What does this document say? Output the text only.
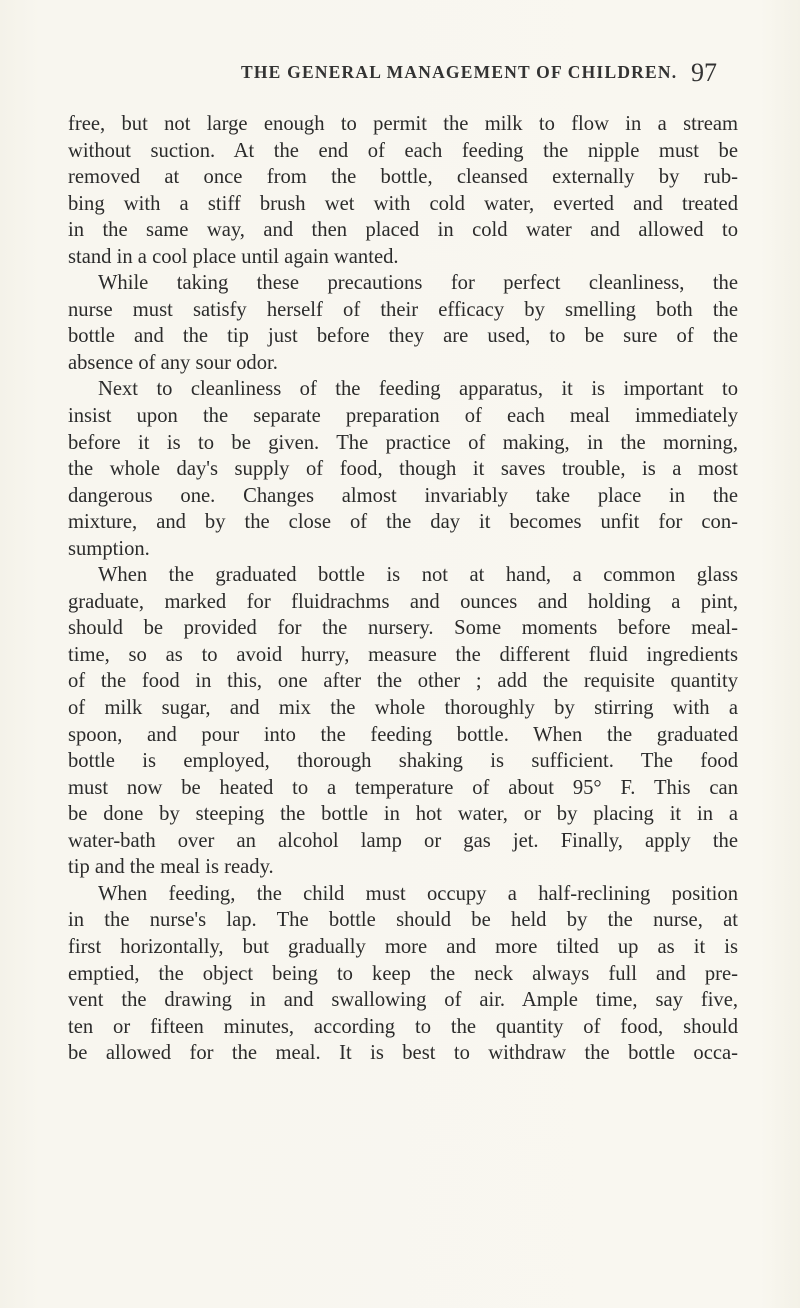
THE GENERAL MANAGEMENT OF CHILDREN. 97
free, but not large enough to permit the milk to flow in a stream
without suction. At the end of each feeding the nipple must be
removed at once from the bottle, cleansed externally by rub-
bing with a stiff brush wet with cold water, everted and treated
in the same way, and then placed in cold water and allowed to
stand in a cool place until again wanted.
While taking these precautions for perfect cleanliness, the
nurse must satisfy herself of their efficacy by smelling both the
bottle and the tip just before they are used, to be sure of the
absence of any sour odor.
Next to cleanliness of the feeding apparatus, it is important to
insist upon the separate preparation of each meal immediately
before it is to be given. The practice of making, in the morning,
the whole day's supply of food, though it saves trouble, is a most
dangerous one. Changes almost invariably take place in the
mixture, and by the close of the day it becomes unfit for con-
sumption.
When the graduated bottle is not at hand, a common glass
graduate, marked for fluidrachms and ounces and holding a pint,
should be provided for the nursery. Some moments before meal-
time, so as to avoid hurry, measure the different fluid ingredients
of the food in this, one after the other ; add the requisite quantity
of milk sugar, and mix the whole thoroughly by stirring with a
spoon, and pour into the feeding bottle. When the graduated
bottle is employed, thorough shaking is sufficient. The food
must now be heated to a temperature of about 95° F. This can
be done by steeping the bottle in hot water, or by placing it in a
water-bath over an alcohol lamp or gas jet. Finally, apply the
tip and the meal is ready.
When feeding, the child must occupy a half-reclining position
in the nurse's lap. The bottle should be held by the nurse, at
first horizontally, but gradually more and more tilted up as it is
emptied, the object being to keep the neck always full and pre-
vent the drawing in and swallowing of air. Ample time, say five,
ten or fifteen minutes, according to the quantity of food, should
be allowed for the meal. It is best to withdraw the bottle occa-
